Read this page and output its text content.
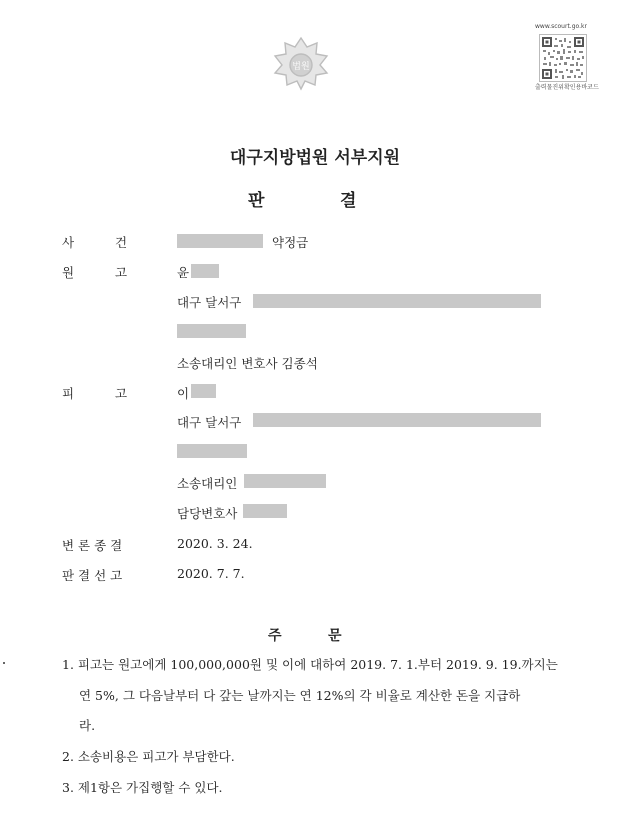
법원
www.scourt.go.kr
출력물진위확인용바코드
대구지방법원 서부지원
판	결
사	건	약정금
원	고	윤
대구 달서구
소송대리인 변호사 김종석
피	고	이
대구 달서구
소송대리인
담당변호사
변 론 종 결	2020. 3. 24.
판 결 선 고	2020. 7. 7.
주	문
1. 피고는 원고에게 100,000,000원 및 이에 대하여 2019. 7. 1.부터 2019. 9. 19.까지는
연 5%, 그 다음날부터 다 갚는 날까지는 연 12%의 각 비율로 계산한 돈을 지급하
라.
2. 소송비용은 피고가 부담한다.
3. 제1항은 가집행할 수 있다.
